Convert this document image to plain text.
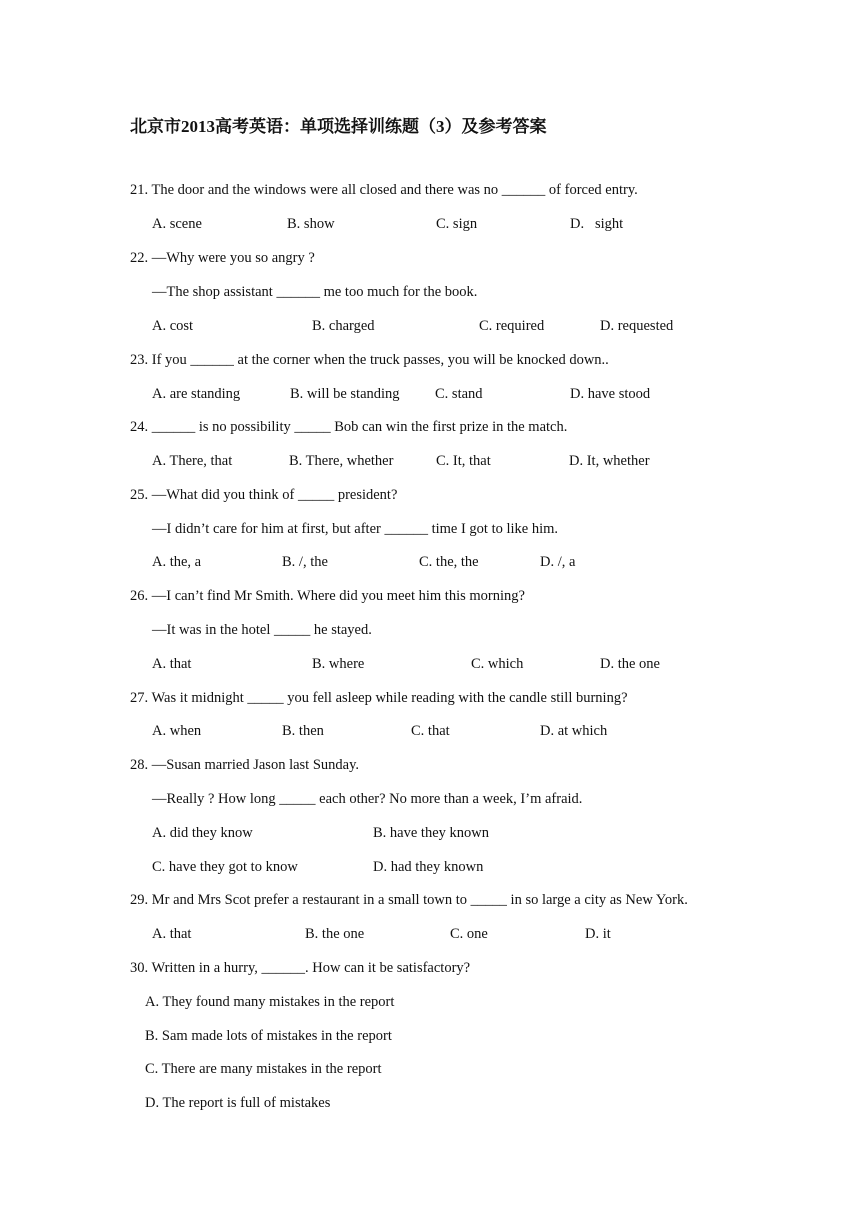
北京市2013高考英语：单项选择训练题（3）及参考答案
21. The door and the windows were all closed and there was no ______ of forced entry.
A. scene	B. show	C. sign	D.   sight
22. —Why were you so angry ?
—The shop assistant ______ me too much for the book.
A. cost	B. charged	C. required	D. requested
23. If you ______ at the corner when the truck passes, you will be knocked down..
A. are standing	B. will be standing C. stand	D. have stood
24. ______ is no possibility _____ Bob can win the first prize in the match.
A. There, that	B. There, whether	C. It, that	D. It, whether
25. —What did you think of _____ president?
—I didn’t care for him at first, but after ______ time I got to like him.
A. the, a	B. /, the	C. the, the	D. /, a
26. —I can’t find Mr Smith. Where did you meet him this morning?
—It was in the hotel _____ he stayed.
A. that	B. where	C. which	D. the one
27. Was it midnight _____ you fell asleep while reading with the candle still burning?
A. when	B. then	C. that	D. at which
28. —Susan married Jason last Sunday.
—Really ? How long _____ each other? No more than a week, I’m afraid.
A. did they know	B. have they known
C. have they got to know	D. had they known
29. Mr and Mrs Scot prefer a restaurant in a small town to _____ in so large a city as New York.
A. that	B. the one	C. one	D. it
30. Written in a hurry, ______. How can it be satisfactory?
A. They found many mistakes in the report
B. Sam made lots of mistakes in the report
C. There are many mistakes in the report
D. The report is full of mistakes
